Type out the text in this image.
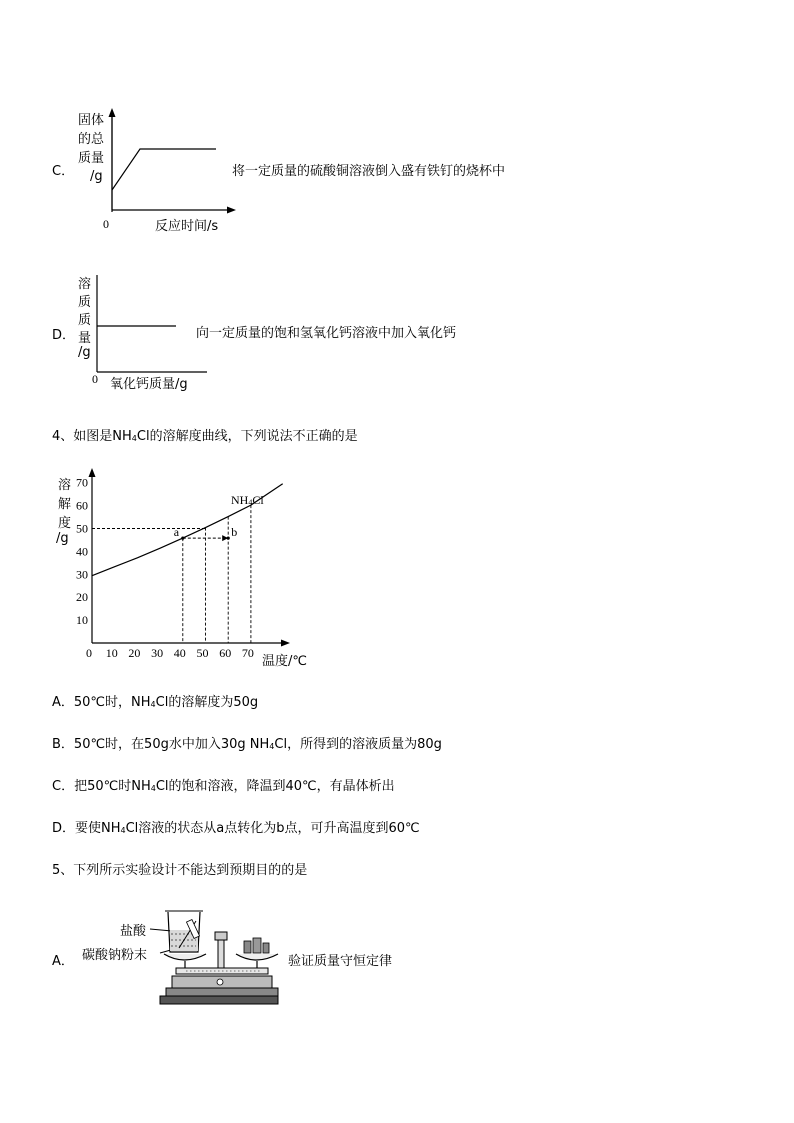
C．
固体
的总
质量
/g
0	反应时间/s
将一定质量的硫酸铜溶液倒入盛有铁钉的烧杯中
D．
溶
质
质
量
/g
0 氧化钙质量/g
向一定质量的饱和氢氧化钙溶液中加入氧化钙
4、如图是$NH_4Cl$的溶解度曲线，下列说法不正确的是
溶
解
度
/g
0 10 20 30 40 50 60 70
10
20
30
40
50
60
70
a	b
$NH_4Cl$
温度/℃
A．50℃时，$NH_4Cl$的溶解度为50g
B．50℃时，在50g水中加入30g $NH_4Cl$，所得到的溶液质量为80g
C．把50℃时$NH_4Cl$的饱和溶液，降温到40℃，有晶体析出
D．要使$NH_4Cl$溶液的状态从a点转化为b点，可升高温度到60℃
5、下列所示实验设计不能达到预期目的的是
A．
盐酸
碳酸钠粉末	验证质量守恒定律
